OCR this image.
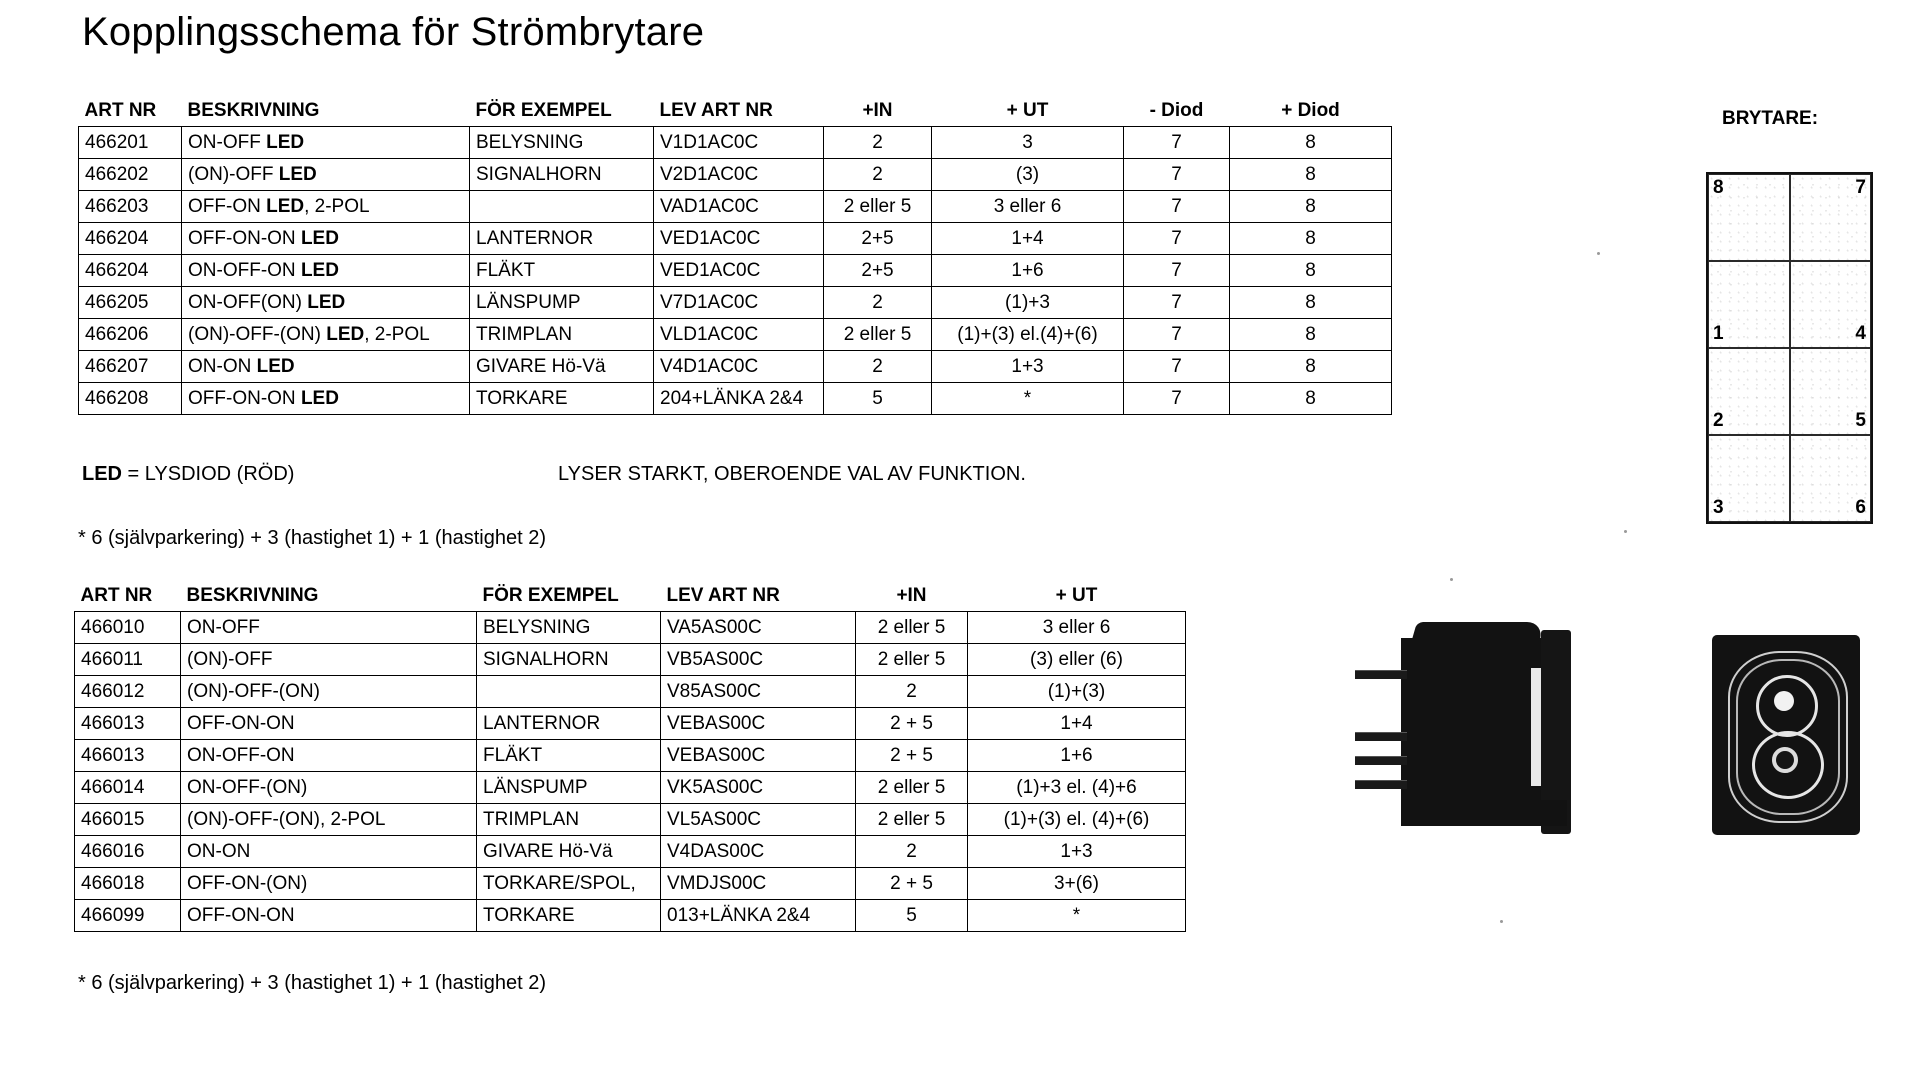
Kopplingsschema för Strömbrytare
ART NR	BESKRIVNING	FÖR EXEMPEL	LEV ART NR	+IN	+ UT	- Diod	+ Diod
466201	ON-OFF LED	BELYSNING	V1D1AC0C	2	3	7	8
466202	(ON)-OFF LED	SIGNALHORN	V2D1AC0C	2	(3)	7	8
466203	OFF-ON LED, 2-POL		VAD1AC0C	2 eller 5	3 eller 6	7	8
466204	OFF-ON-ON LED	LANTERNOR	VED1AC0C	2+5	1+4	7	8
466204	ON-OFF-ON LED	FLÄKT	VED1AC0C	2+5	1+6	7	8
466205	ON-OFF(ON) LED	LÄNSPUMP	V7D1AC0C	2	(1)+3	7	8
466206	(ON)-OFF-(ON) LED, 2-POL	TRIMPLAN	VLD1AC0C	2 eller 5	(1)+(3) el.(4)+(6)	7	8
466207	ON-ON LED	GIVARE Hö-Vä	V4D1AC0C	2	1+3	7	8
466208	OFF-ON-ON LED	TORKARE	204+LÄNKA 2&4	5	*	7	8
LED = LYSDIOD (RÖD)	LYSER STARKT, OBEROENDE VAL AV FUNKTION.
* 6 (självparkering) + 3 (hastighet 1) + 1 (hastighet 2)
ART NR	BESKRIVNING	FÖR EXEMPEL	LEV ART NR	+IN	+ UT
466010	ON-OFF	BELYSNING	VA5AS00C	2 eller 5	3 eller 6
466011	(ON)-OFF	SIGNALHORN	VB5AS00C	2 eller 5	(3) eller (6)
466012	(ON)-OFF-(ON)		V85AS00C	2	(1)+(3)
466013	OFF-ON-ON	LANTERNOR	VEBAS00C	2 + 5	1+4
466013	ON-OFF-ON	FLÄKT	VEBAS00C	2 + 5	1+6
466014	ON-OFF-(ON)	LÄNSPUMP	VK5AS00C	2 eller 5	(1)+3 el. (4)+6
466015	(ON)-OFF-(ON), 2-POL	TRIMPLAN	VL5AS00C	2 eller 5	(1)+(3) el. (4)+(6)
466016	ON-ON	GIVARE Hö-Vä	V4DAS00C	2	1+3
466018	OFF-ON-(ON)	TORKARE/SPOL,	VMDJS00C	2 + 5	3+(6)
466099	OFF-ON-ON	TORKARE	013+LÄNKA 2&4	5	*
* 6 (självparkering) + 3 (hastighet 1) + 1 (hastighet 2)
BRYTARE:
8	7
1	4
2	5
3	6
